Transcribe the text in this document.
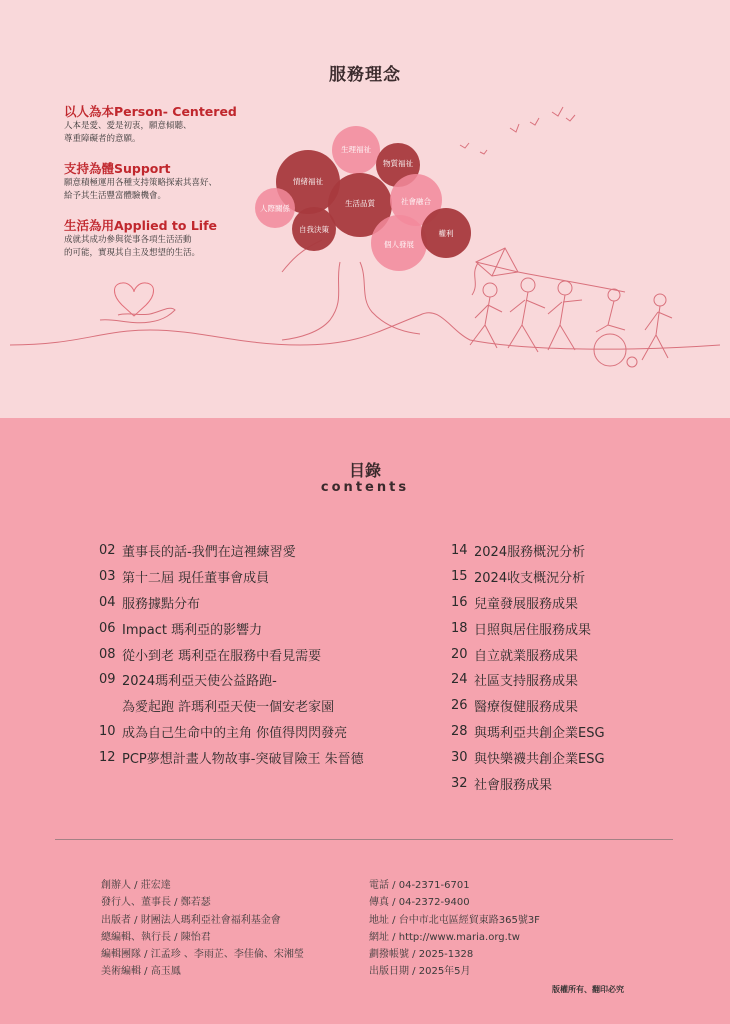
服務理念
以人為本Person- Centered

人本是愛、愛是初衷，願意傾聽、

尊重障礙者的意願。

支持為體Support

願意積極運用各種支持策略探索其喜好、

給予其生活豐富體驗機會。

生活為用Applied to Life

成就其成功參與從事各項生活活動

的可能，實現其自主及想望的生活。

生理福祉
物質福祉
情緒福祉
生活品質	社會融合
人際關係
自我決策
個人發展
權利
目錄
contents
02 董事長的話-我們在這裡練習愛
03 第十二屆 現任董事會成員
04 服務據點分布
06 Impact 瑪利亞的影響力
08 從小到老 瑪利亞在服務中看見需要
09 2024瑪利亞天使公益路跑-
為愛起跑 許瑪利亞天使一個安老家園
10 成為自己生命中的主角 你值得閃閃發亮
12 PCP夢想計畫人物故事-突破冒險王 朱晉德
14 2024服務概況分析
15 2024收支概況分析
16 兒童發展服務成果
18 日照與居住服務成果
20 自立就業服務成果
24 社區支持服務成果
26 醫療復健服務成果
28 與瑪利亞共創企業ESG
30 與快樂襪共創企業ESG
32 社會服務成果
創辦人 / 莊宏達
發行人、董事長 / 鄭若瑟
出版者 / 財團法人瑪利亞社會福利基金會
總編輯、執行長 / 陳怡君
編輯團隊 / 江孟珍 、李雨芷、李佳倫、宋湘瑩
美術編輯 / 高玉鳳
電話 / 04-2371-6701
傳真 / 04-2372-9400
地址 / 台中市北屯區經貿東路365號3F
網址 / http://www.maria.org.tw
劃撥帳號 / 2025-1328
出版日期 / 2025年5月
版權所有、翻印必究
